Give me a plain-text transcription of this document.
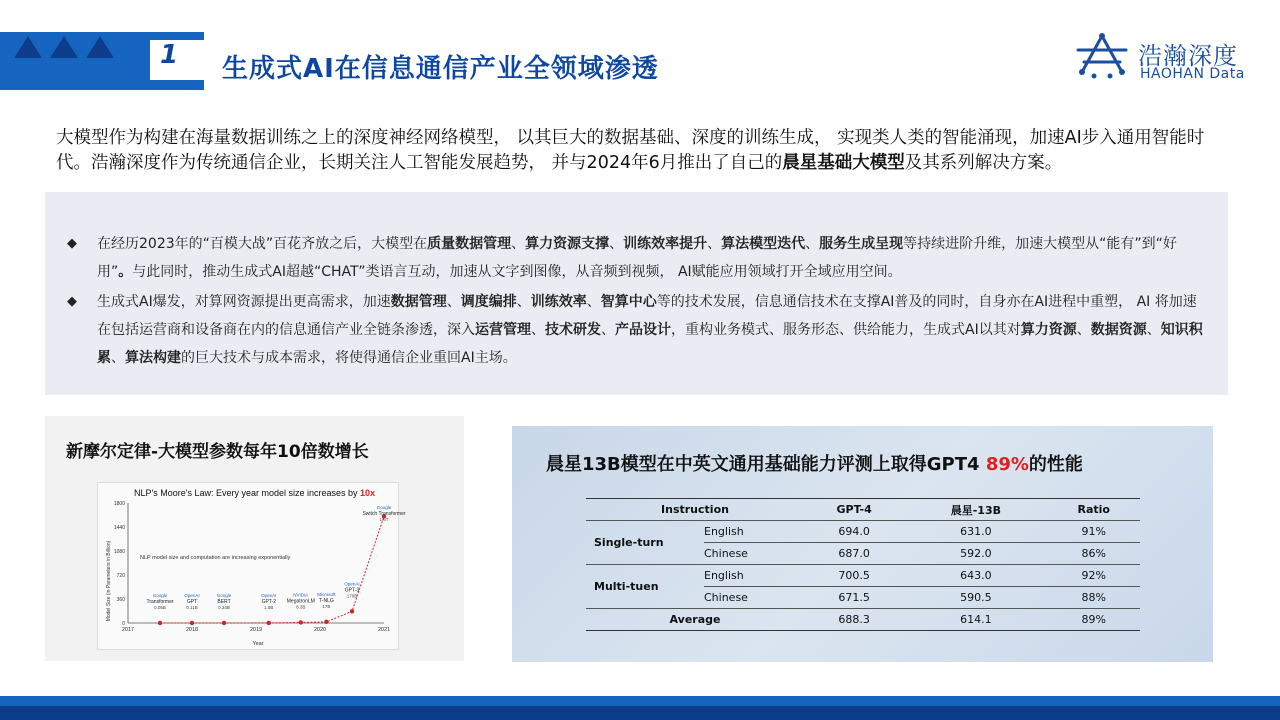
1 生成式AI在信息通信产业全领域渗透	浩瀚深度
HAOHAN Data
大模型作为构建在海量数据训练之上的深度神经网络模型， 以其巨大的数据基础、深度的训练生成， 实现类人类的智能涌现，加速AI步入通用智能时代。浩瀚深度作为传统通信企业，长期关注人工智能发展趋势， 并与2024年6月推出了自己的晨星基础大模型及其系列解决方案。
◆	在经历2023年的“百模大战”百花齐放之后，大模型在质量数据管理、算力资源支撑、训练效率提升、算法模型迭代、服务生成呈现等持续进阶升维，加速大模型从“能有”到“好用”。与此同时，推动生成式AI超越“CHAT”类语言互动，加速从文字到图像，从音频到视频， AI赋能应用领域打开全域应用空间。
◆	生成式AI爆发，对算网资源提出更高需求，加速数据管理、调度编排、训练效率、智算中心等的技术发展，信息通信技术在支撑AI普及的同时，自身亦在AI进程中重塑， AI 将加速在包括运营商和设备商在内的信息通信产业全链条渗透，深入运营管理、技术研发、产品设计，重构业务模式、服务形态、供给能力，生成式AI以其对算力资源、数据资源、知识积累、算法构建的巨大技术与成本需求，将使得通信企业重回AI主场。
新摩尔定律-大模型参数每年10倍数增长
NLP's Moore's Law: Every year model size increases by 10x
NLP model size and computation are increasing exponentially
Model Size (in Parameters in Billion)
Year
0
360
720
1080
1440
1800
2017	2018	2019	2020	2021
Google
Transformer
0.05B
OpenAI
GPT
0.11B
Google
BERT
0.34B
OpenAI
GPT-2
1.5B
NVIDIA
MegatronLM
8.3B
Microsoft
T-NLG
17B
OpenAI
GPT-3
170B
Google
Switch Transformer
1.6T
晨星13B模型在中英文通用基础能力评测上取得GPT4 89%的性能
Instruction		GPT-4	晨星-13B	Ratio
Single-turn	English	694.0	631.0	91%
	Chinese	687.0	592.0	86%
Multi-tuen	English	700.5	643.0	92%
	Chinese	671.5	590.5	88%
Average		688.3	614.1	89%
